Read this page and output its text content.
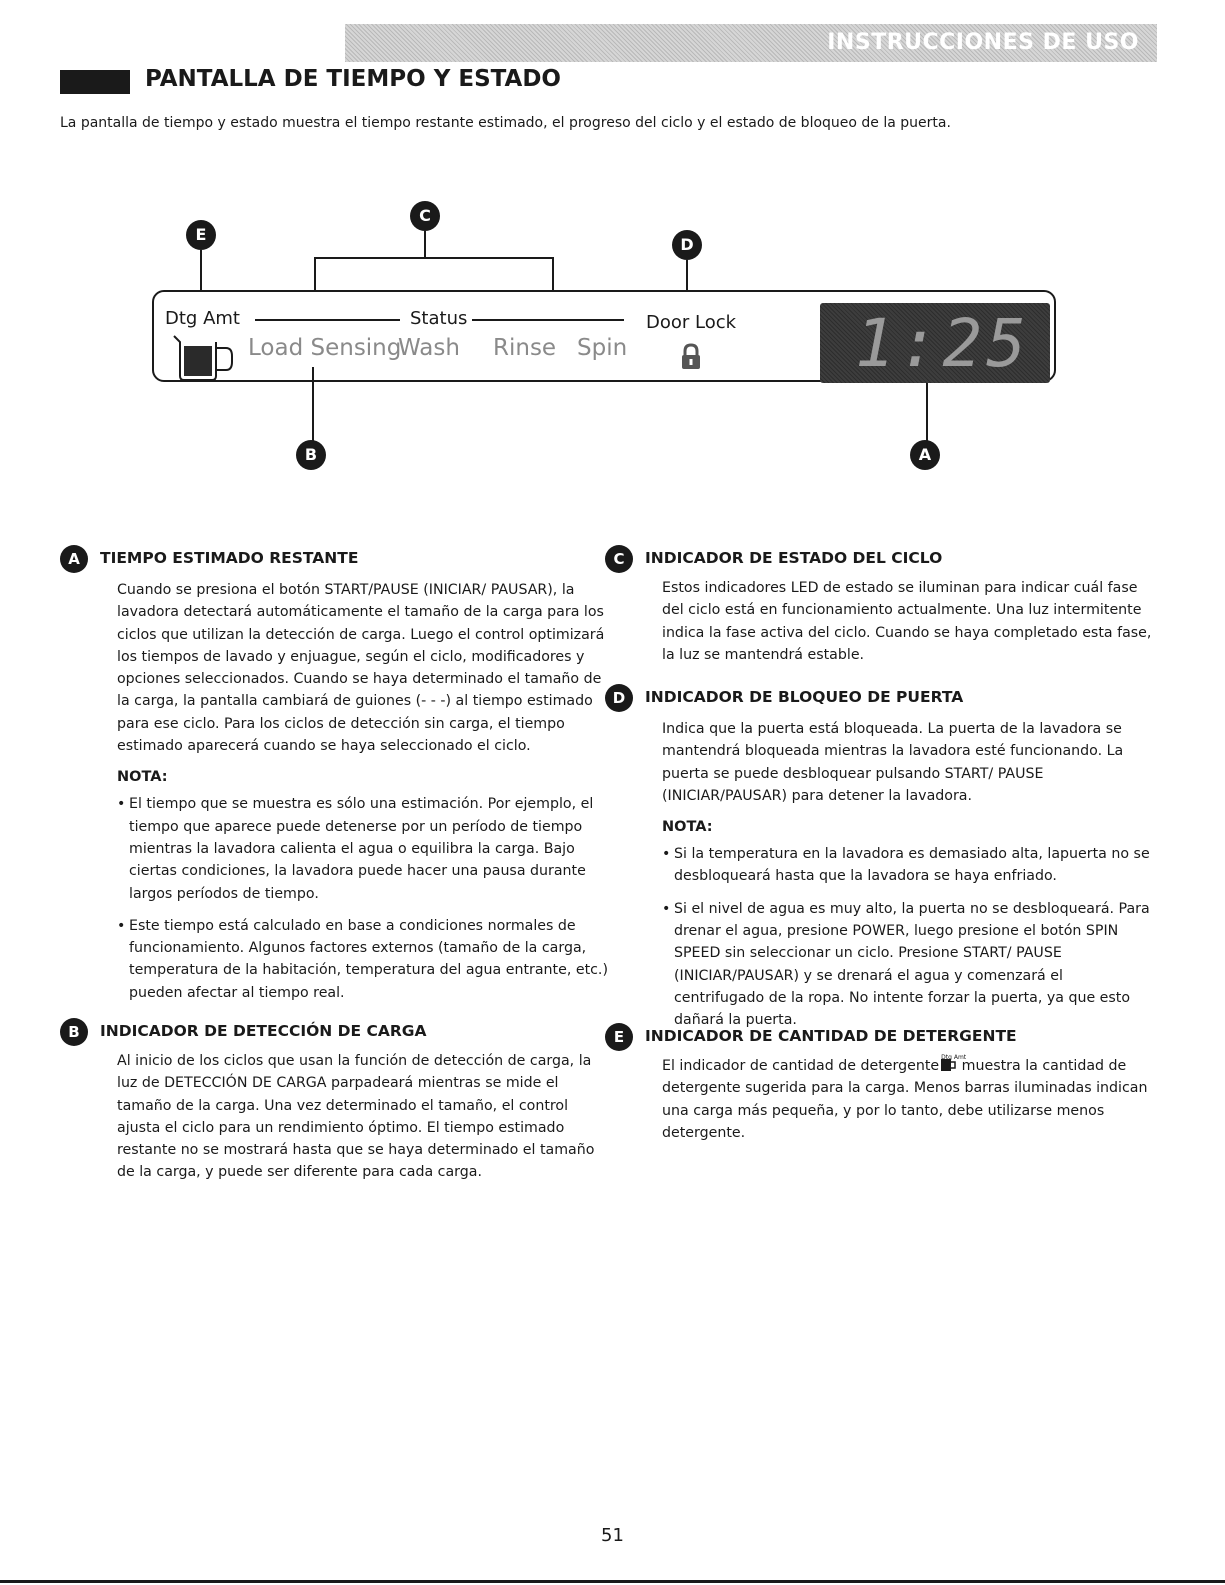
INSTRUCCIONES DE USO
PANTALLA DE TIEMPO Y ESTADO
La pantalla de tiempo y estado muestra el tiempo restante estimado, el progreso del ciclo y el estado de bloqueo de la puerta.
E
C
D
Dtg Amt	Status	Door Lock
Load Sensing
Wash Rinse Spin	1:25
B	A
A	TIEMPO ESTIMADO RESTANTE

Cuando se presiona el botón START/PAUSE (INICIAR/ PAUSAR), la lavadora detectará automáticamente el tamaño de la carga para los ciclos que utilizan la detección de carga. Luego el control optimizará los tiempos de lavado y enjuague, según el ciclo, modificadores y opciones seleccionados. Cuando se haya determinado el tamaño de la carga, la pantalla cambiará de guiones (- - -) al tiempo estimado para ese ciclo. Para los ciclos de detección sin carga, el tiempo estimado aparecerá cuando se haya seleccionado el ciclo.

NOTA:
• El tiempo que se muestra es sólo una estimación. Por ejemplo, el tiempo que aparece puede detenerse por un período de tiempo mientras la lavadora calienta el agua o equilibra la carga. Bajo ciertas condiciones, la lavadora puede hacer una pausa durante largos períodos de tiempo.
• Este tiempo está calculado en base a condiciones normales de funcionamiento. Algunos factores externos (tamaño de la carga, temperatura de la habitación, temperatura del agua entrante, etc.) pueden afectar al tiempo real.
B	INDICADOR DE DETECCIÓN DE CARGA

Al inicio de los ciclos que usan la función de detección de carga, la luz de DETECCIÓN DE CARGA parpadeará mientras se mide el tamaño de la carga. Una vez determinado el tamaño, el control ajusta el ciclo para un rendimiento óptimo. El tiempo estimado restante no se mostrará hasta que se haya determinado el tamaño de la carga, y puede ser diferente para cada carga.

C	INDICADOR DE ESTADO DEL CICLO

Estos indicadores LED de estado se iluminan para indicar cuál fase del ciclo está en funcionamiento actualmente. Una luz intermitente indica la fase activa del ciclo. Cuando se haya completado esta fase, la luz se mantendrá estable.

D	INDICADOR DE BLOQUEO DE PUERTA

Indica que la puerta está bloqueada. La puerta de la lavadora se mantendrá bloqueada mientras la lavadora esté funcionando. La puerta se puede desbloquear pulsando START/ PAUSE (INICIAR/PAUSAR) para detener la lavadora.

NOTA:
• Si la temperatura en la lavadora es demasiado alta, lapuerta no se desbloqueará hasta que la lavadora se haya enfriado.
• Si el nivel de agua es muy alto, la puerta no se desbloqueará. Para drenar el agua, presione POWER, luego presione el botón SPIN SPEED sin seleccionar un ciclo. Presione START/ PAUSE (INICIAR/PAUSAR) y se drenará el agua y comenzará el centrifugado de la ropa. No intente forzar la puerta, ya que esto dañará la puerta.
E	INDICADOR DE CANTIDAD DE DETERGENTE

El indicador de cantidad de detergente
Dtg Amt
muestra la cantidad de detergente sugerida para la carga. Menos barras iluminadas indican una carga más pequeña, y por lo tanto, debe utilizarse menos detergente.

51
